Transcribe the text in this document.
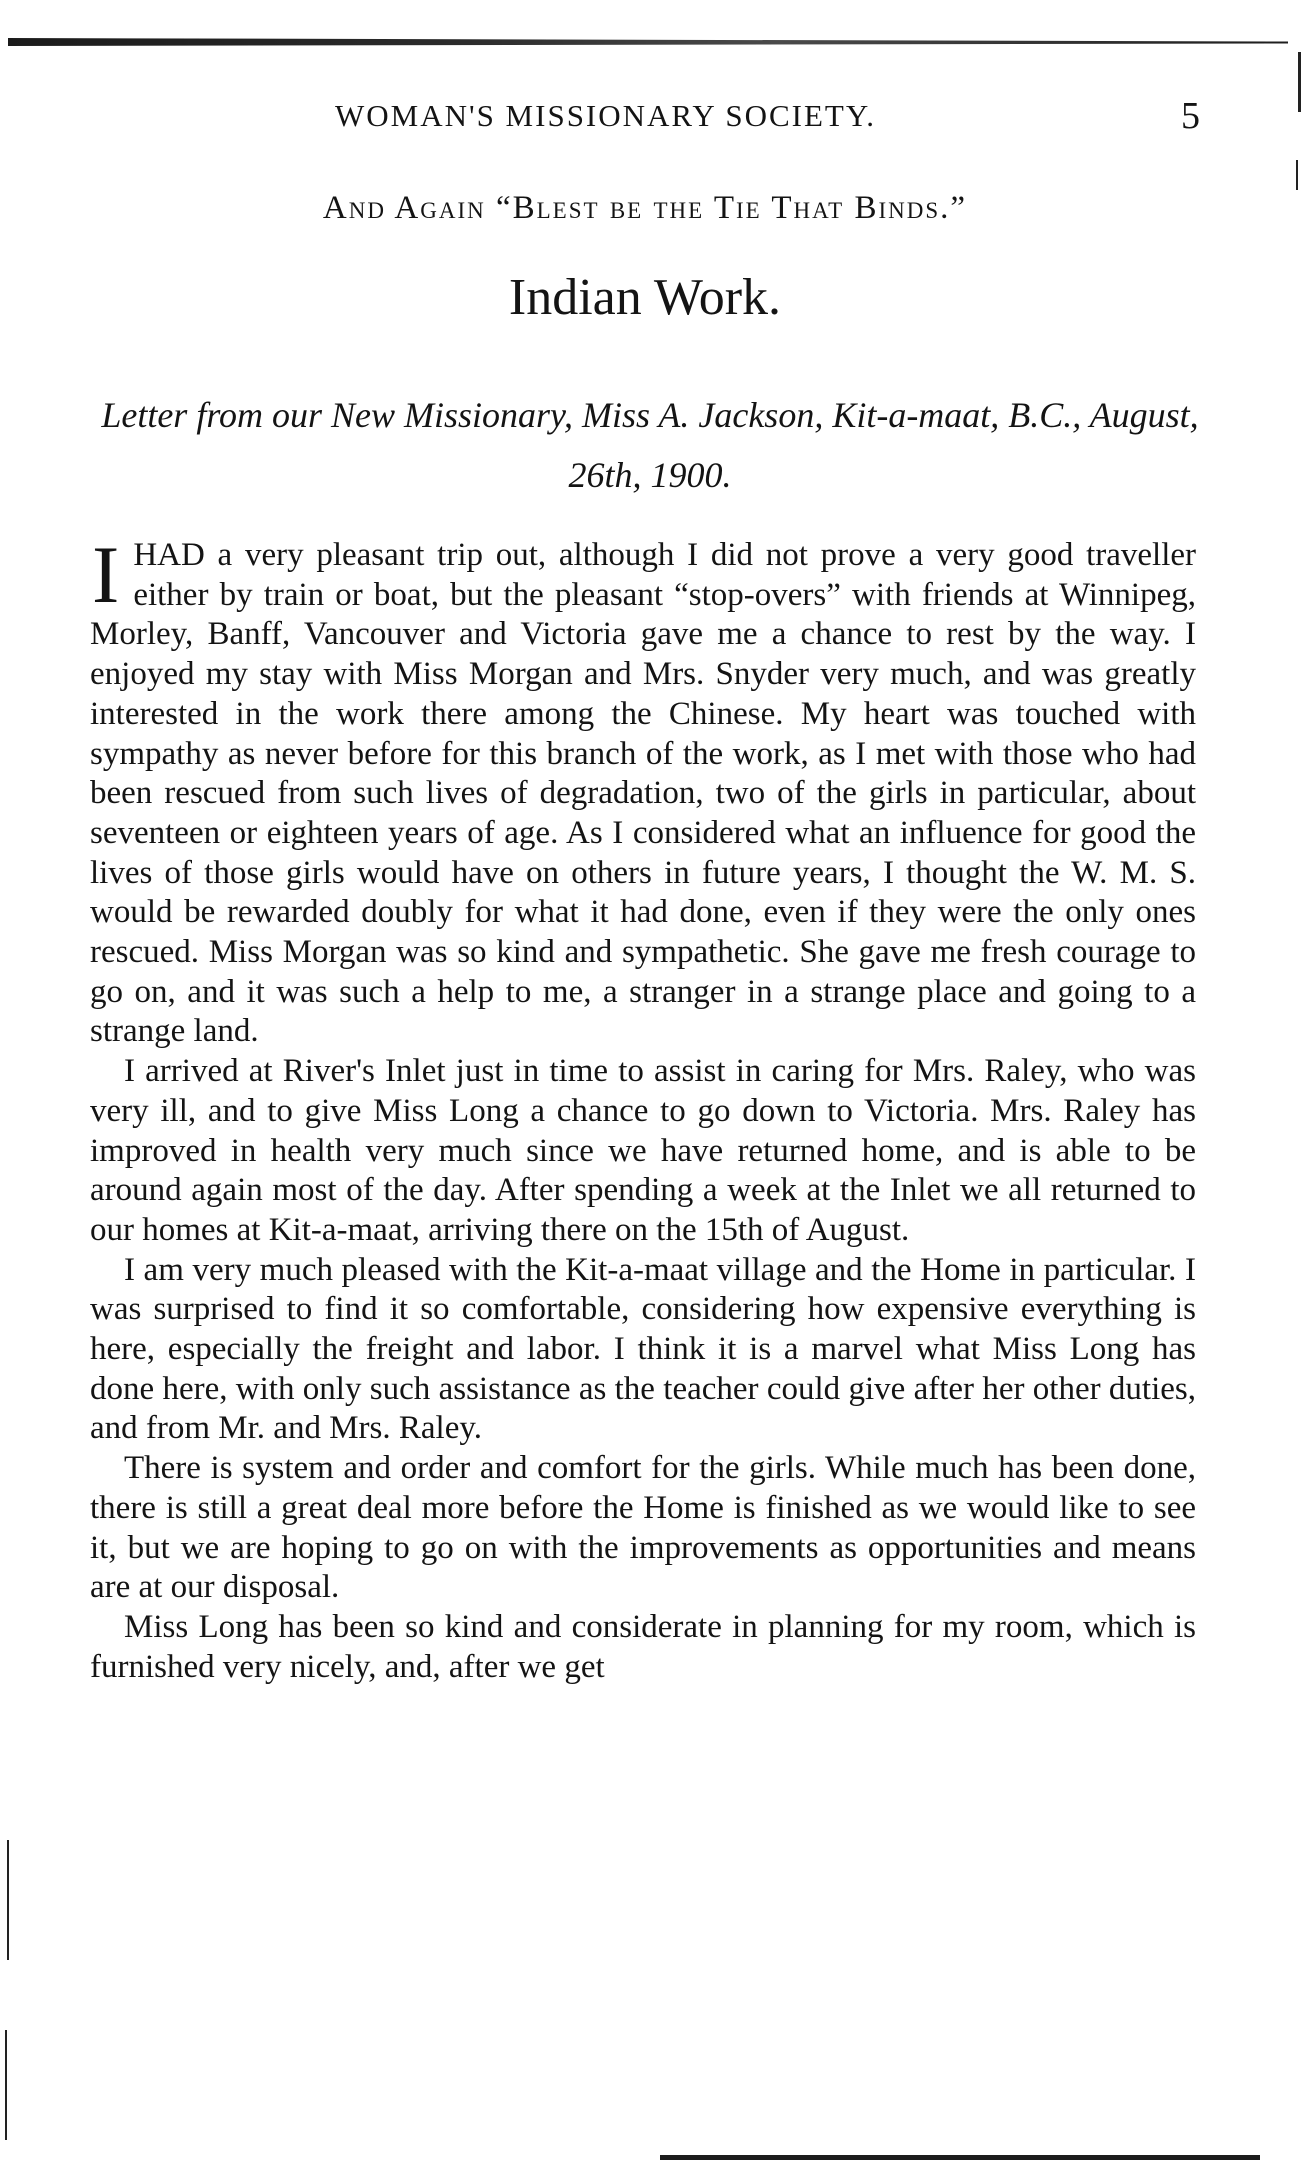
WOMAN'S MISSIONARY SOCIETY.	5
And Again “Blest be the Tie That Binds.”
Indian Work.
Letter from our New Missionary, Miss A. Jackson, Kit-a-maat, B.C., August, 26th, 1900.

IHAD a very pleasant trip out, although I did not prove a very good traveller either by train or boat, but the pleasant “stop-overs” with friends at Winnipeg, Morley, Banff, Vancouver and Victoria gave me a chance to rest by the way. I enjoyed my stay with Miss Morgan and Mrs. Snyder very much, and was greatly interested in the work there among the Chinese. My heart was touched with sympathy as never before for this branch of the work, as I met with those who had been rescued from such lives of degradation, two of the girls in particular, about seventeen or eighteen years of age. As I considered what an influence for good the lives of those girls would have on others in future years, I thought the W. M. S. would be rewarded doubly for what it had done, even if they were the only ones rescued. Miss Morgan was so kind and sympathetic. She gave me fresh courage to go on, and it was such a help to me, a stranger in a strange place and going to a strange land.

I arrived at River's Inlet just in time to assist in caring for Mrs. Raley, who was very ill, and to give Miss Long a chance to go down to Victoria. Mrs. Raley has improved in health very much since we have returned home, and is able to be around again most of the day. After spending a week at the Inlet we all returned to our homes at Kit-a-maat, arriving there on the 15th of August.

I am very much pleased with the Kit-a-maat village and the Home in particular. I was surprised to find it so comfortable, considering how expensive everything is here, especially the freight and labor. I think it is a marvel what Miss Long has done here, with only such assistance as the teacher could give after her other duties, and from Mr. and Mrs. Raley.

There is system and order and comfort for the girls. While much has been done, there is still a great deal more before the Home is finished as we would like to see it, but we are hoping to go on with the improvements as opportunities and means are at our disposal.

Miss Long has been so kind and considerate in planning for my room, which is furnished very nicely, and, after we get
